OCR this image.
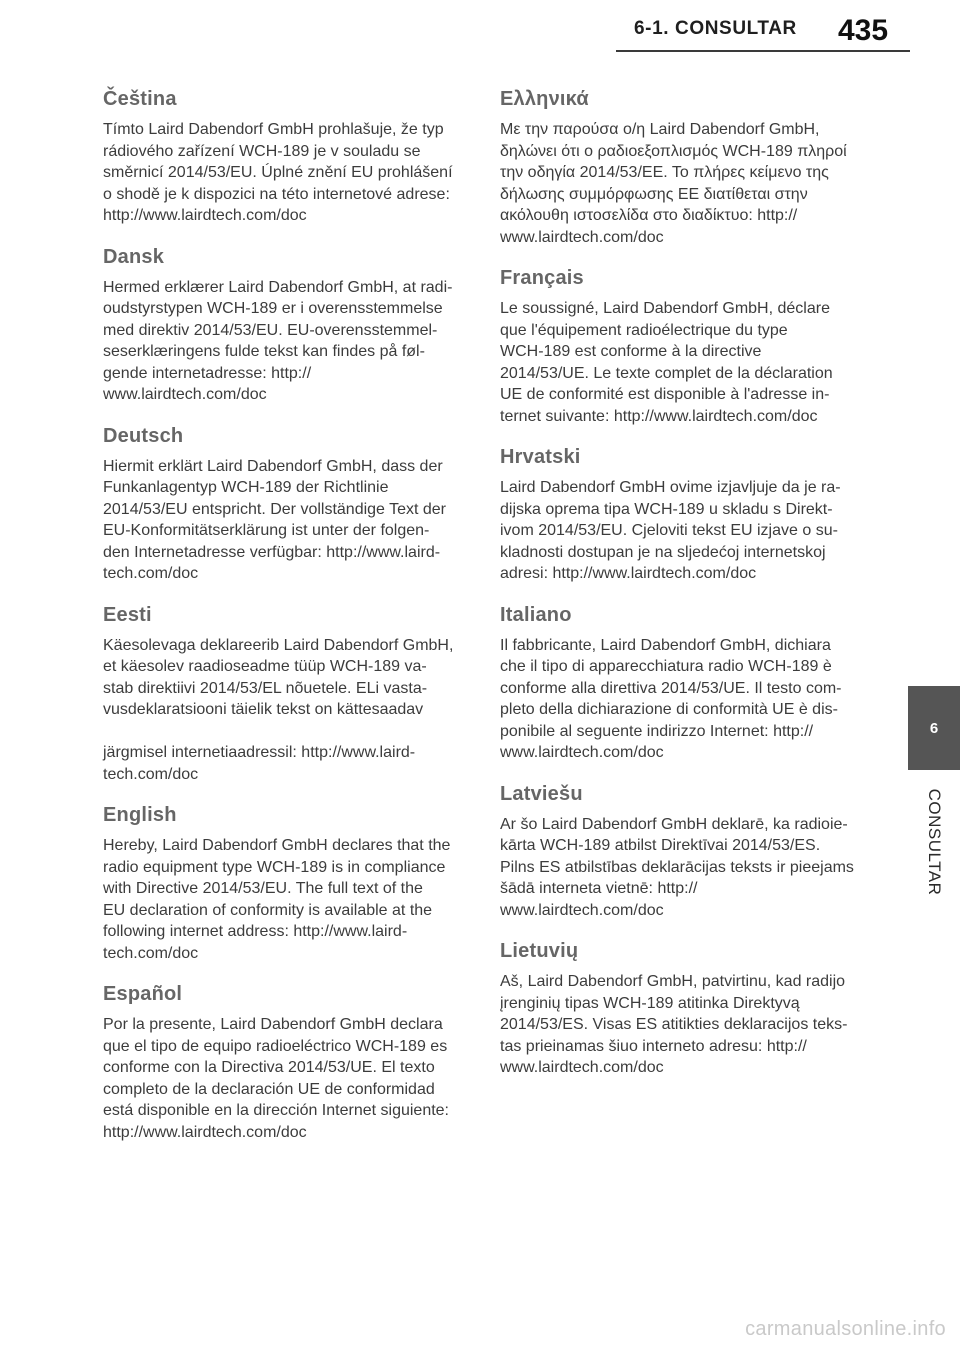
6-1. CONSULTAR 435
Čeština

Tímto Laird Dabendorf GmbH prohlašuje, že typ
rádiového zařízení WCH-189 je v souladu se
směrnicí 2014/53/EU. Úplné znění EU prohlášení
o shodě je k dispozici na této internetové adrese:
http://www.lairdtech.com/doc

Dansk

Hermed erklærer Laird Dabendorf GmbH, at radi-
oudstyrstypen WCH-189 er i overensstemmelse
med direktiv 2014/53/EU. EU-overensstemmel-
seserklæringens fulde tekst kan findes på føl-
gende internetadresse: http://
www.lairdtech.com/doc

Deutsch

Hiermit erklärt Laird Dabendorf GmbH, dass der
Funkanlagentyp WCH-189 der Richtlinie
2014/53/EU entspricht. Der vollständige Text der
EU-Konformitätserklärung ist unter der folgen-
den Internetadresse verfügbar: http://www.laird-
tech.com/doc

Eesti

Käesolevaga deklareerib Laird Dabendorf GmbH,
et käesolev raadioseadme tüüp WCH-189 va-
stab direktiivi 2014/53/EL nõuetele. ELi vasta-
vusdeklaratsiooni täielik tekst on kättesaadav

järgmisel internetiaadressil: http://www.laird-
tech.com/doc

English

Hereby, Laird Dabendorf GmbH declares that the
radio equipment type WCH-189 is in compliance
with Directive 2014/53/EU. The full text of the
EU declaration of conformity is available at the
following internet address: http://www.laird-
tech.com/doc

Español

Por la presente, Laird Dabendorf GmbH declara
que el tipo de equipo radioeléctrico WCH-189 es
conforme con la Directiva 2014/53/UE. El texto
completo de la declaración UE de conformidad
está disponible en la dirección Internet siguiente:
http://www.lairdtech.com/doc

Ελληνικά

Με την παρούσα ο/η Laird Dabendorf GmbH,
δηλώνει ότι ο ραδιοεξοπλισμός WCH-189 πληροί
την οδηγία 2014/53/ΕΕ. Το πλήρες κείμενο της
δήλωσης συμμόρφωσης ΕΕ διατίθεται στην
ακόλουθη ιστοσελίδα στο διαδίκτυο: http://
www.lairdtech.com/doc

Français

Le soussigné, Laird Dabendorf GmbH, déclare
que l'équipement radioélectrique du type
WCH-189 est conforme à la directive
2014/53/UE. Le texte complet de la déclaration
UE de conformité est disponible à l'adresse in-
ternet suivante: http://www.lairdtech.com/doc

Hrvatski

Laird Dabendorf GmbH ovime izjavljuje da je ra-
dijska oprema tipa WCH-189 u skladu s Direkt-
ivom 2014/53/EU. Cjeloviti tekst EU izjave o su-
kladnosti dostupan je na sljedećoj internetskoj
adresi: http://www.lairdtech.com/doc

Italiano

Il fabbricante, Laird Dabendorf GmbH, dichiara
che il tipo di apparecchiatura radio WCH-189 è
conforme alla direttiva 2014/53/UE. Il testo com-
pleto della dichiarazione di conformità UE è dis-
ponibile al seguente indirizzo Internet: http://
www.lairdtech.com/doc

Latviešu

Ar šo Laird Dabendorf GmbH deklarē, ka radioie-
kārta WCH-189 atbilst Direktīvai 2014/53/ES.
Pilns ES atbilstības deklarācijas teksts ir pieejams
šādā interneta vietnē: http://
www.lairdtech.com/doc

Lietuvių

Aš, Laird Dabendorf GmbH, patvirtinu, kad radijo
įrenginių tipas WCH-189 atitinka Direktyvą
2014/53/ES. Visas ES atitikties deklaracijos teks-
tas prieinamas šiuo interneto adresu: http://
www.lairdtech.com/doc

6
CONSULTAR
carmanualsonline.info
